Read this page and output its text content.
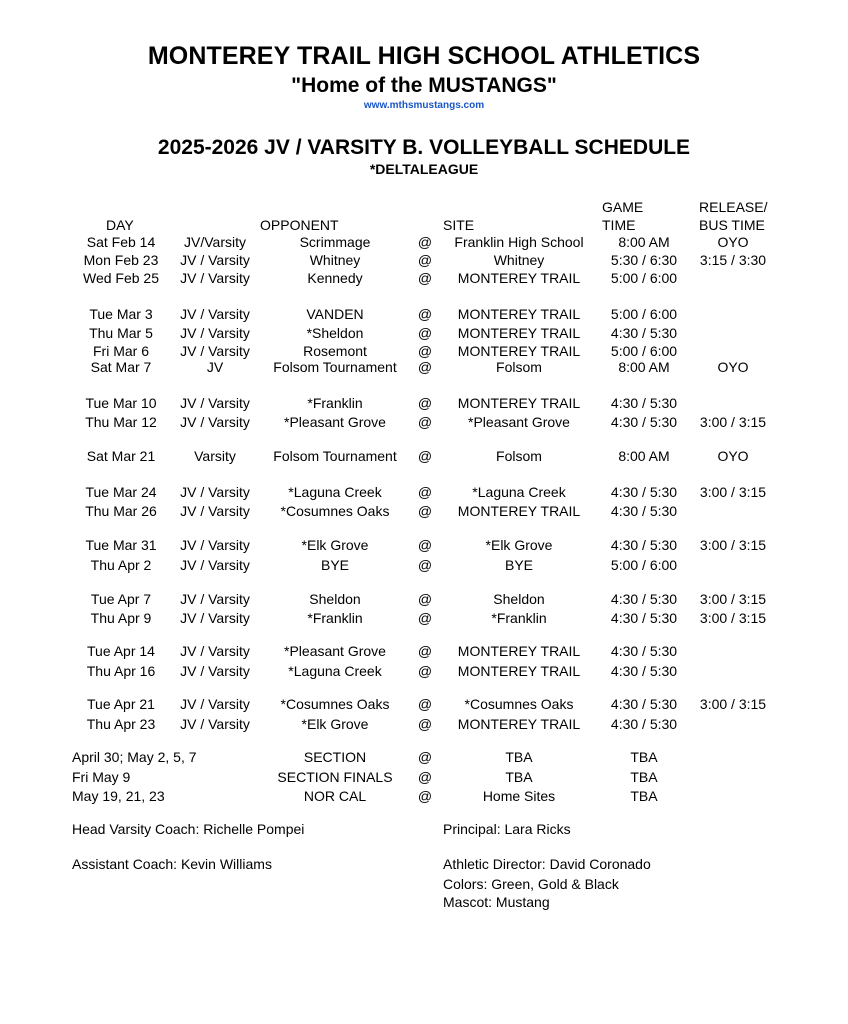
MONTEREY TRAIL HIGH SCHOOL ATHLETICS
"Home of the MUSTANGS"
www.mthsmustangs.com
2025-2026 JV / VARSITY B. VOLLEYBALL SCHEDULE
*DELTALEAGUE
DAY	OPPONENT	SITE
GAME
TIME
RELEASE/
BUS TIME
Sat Feb 14	JV/Varsity	Scrimmage	@	Franklin High School	8:00 AM	OYO
Mon Feb 23	JV / Varsity	Whitney	@	Whitney	5:30 / 6:30	3:15 / 3:30
Wed Feb 25	JV / Varsity	Kennedy	@	MONTEREY TRAIL	5:00 / 6:00
Tue Mar 3	JV / Varsity	VANDEN	@	MONTEREY TRAIL	5:00 / 6:00
Thu Mar 5	JV / Varsity	*Sheldon	@	MONTEREY TRAIL	4:30 / 5:30
Fri Mar 6	JV / Varsity	Rosemont	@	MONTEREY TRAIL	5:00 / 6:00
Sat Mar 7	JV	Folsom Tournament	@	Folsom	8:00 AM	OYO
Tue Mar 10	JV / Varsity	*Franklin	@	MONTEREY TRAIL	4:30 / 5:30
Thu Mar 12	JV / Varsity	*Pleasant Grove	@	*Pleasant Grove	4:30 / 5:30	3:00 / 3:15
Sat Mar 21	Varsity	Folsom Tournament	@	Folsom	8:00 AM	OYO
Tue Mar 24	JV / Varsity	*Laguna Creek	@	*Laguna Creek	4:30 / 5:30	3:00 / 3:15
Thu Mar 26	JV / Varsity	*Cosumnes Oaks	@	MONTEREY TRAIL	4:30 / 5:30
Tue Mar 31	JV / Varsity	*Elk Grove	@	*Elk Grove	4:30 / 5:30	3:00 / 3:15
Thu Apr 2	JV / Varsity	BYE	@	BYE	5:00 / 6:00
Tue Apr 7	JV / Varsity	Sheldon	@	Sheldon	4:30 / 5:30	3:00 / 3:15
Thu Apr 9	JV / Varsity	*Franklin	@	*Franklin	4:30 / 5:30	3:00 / 3:15
Tue Apr 14	JV / Varsity	*Pleasant Grove	@	MONTEREY TRAIL	4:30 / 5:30
Thu Apr 16	JV / Varsity	*Laguna Creek	@	MONTEREY TRAIL	4:30 / 5:30
Tue Apr 21	JV / Varsity	*Cosumnes Oaks	@	*Cosumnes Oaks	4:30 / 5:30	3:00 / 3:15
Thu Apr 23	JV / Varsity	*Elk Grove	@	MONTEREY TRAIL	4:30 / 5:30
April 30; May 2, 5, 7	SECTION	@	TBA	TBA
Fri May 9	SECTION FINALS	@	TBA	TBA
May 19, 21, 23	NOR CAL	@	Home Sites	TBA
Head Varsity Coach: Richelle Pompei
Assistant Coach: Kevin Williams
Principal: Lara Ricks
Athletic Director: David Coronado
Colors: Green, Gold & Black
Mascot: Mustang
